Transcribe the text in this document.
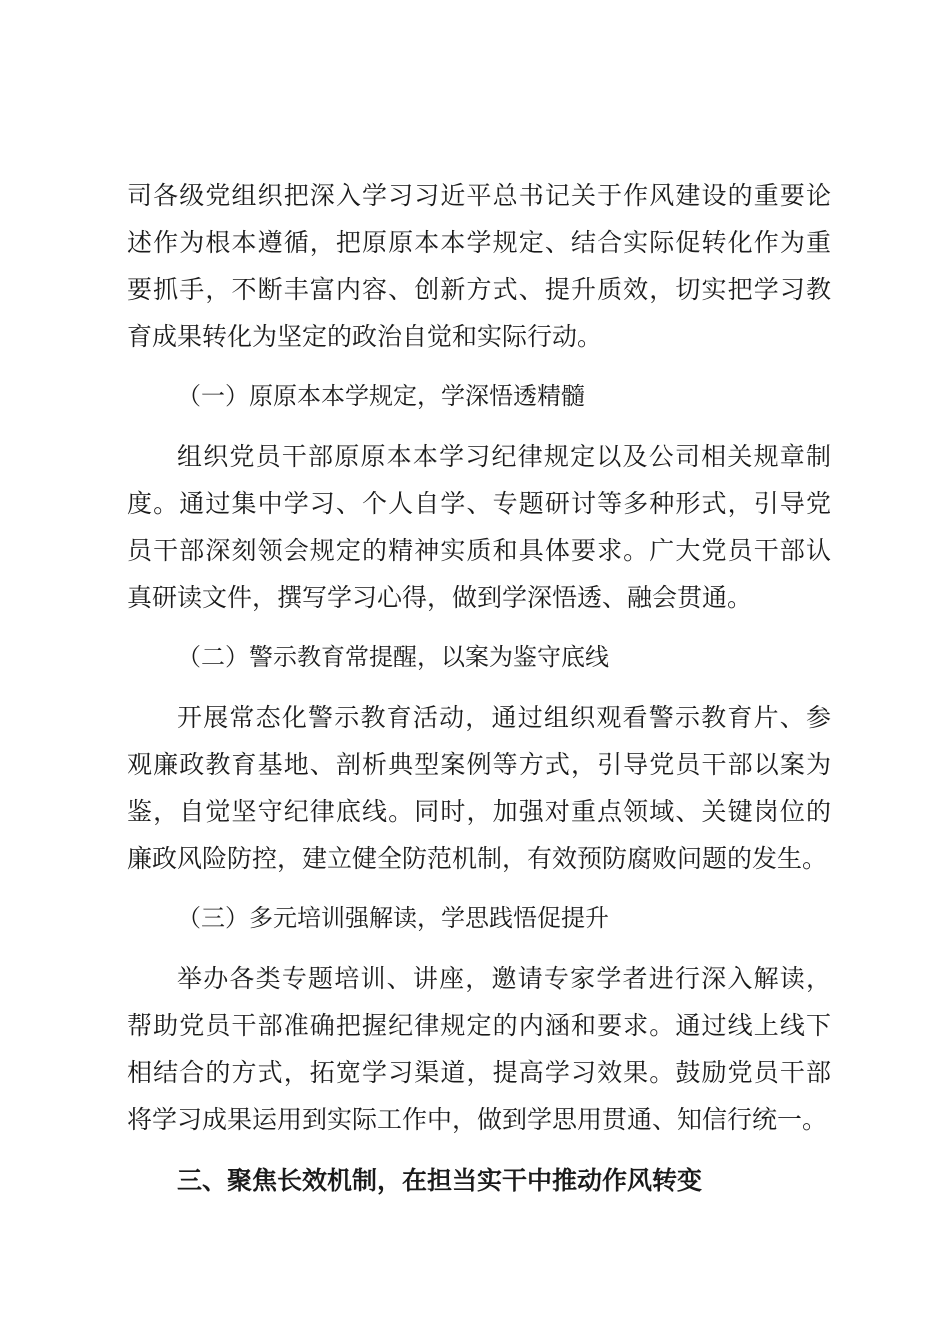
司各级党组织把深入学习习近平总书记关于作风建设的重要论
述作为根本遵循，把原原本本学规定、结合实际促转化作为重
要抓手，不断丰富内容、创新方式、提升质效，切实把学习教
育成果转化为坚定的政治自觉和实际行动。
（一）原原本本学规定，学深悟透精髓
组织党员干部原原本本学习纪律规定以及公司相关规章制
度。通过集中学习、个人自学、专题研讨等多种形式，引导党
员干部深刻领会规定的精神实质和具体要求。广大党员干部认
真研读文件，撰写学习心得，做到学深悟透、融会贯通。
（二）警示教育常提醒，以案为鉴守底线
开展常态化警示教育活动，通过组织观看警示教育片、参
观廉政教育基地、剖析典型案例等方式，引导党员干部以案为
鉴，自觉坚守纪律底线。同时，加强对重点领域、关键岗位的
廉政风险防控，建立健全防范机制，有效预防腐败问题的发生。
（三）多元培训强解读，学思践悟促提升
举办各类专题培训、讲座，邀请专家学者进行深入解读，
帮助党员干部准确把握纪律规定的内涵和要求。通过线上线下
相结合的方式，拓宽学习渠道，提高学习效果。鼓励党员干部
将学习成果运用到实际工作中，做到学思用贯通、知信行统一。
三、聚焦长效机制，在担当实干中推动作风转变
